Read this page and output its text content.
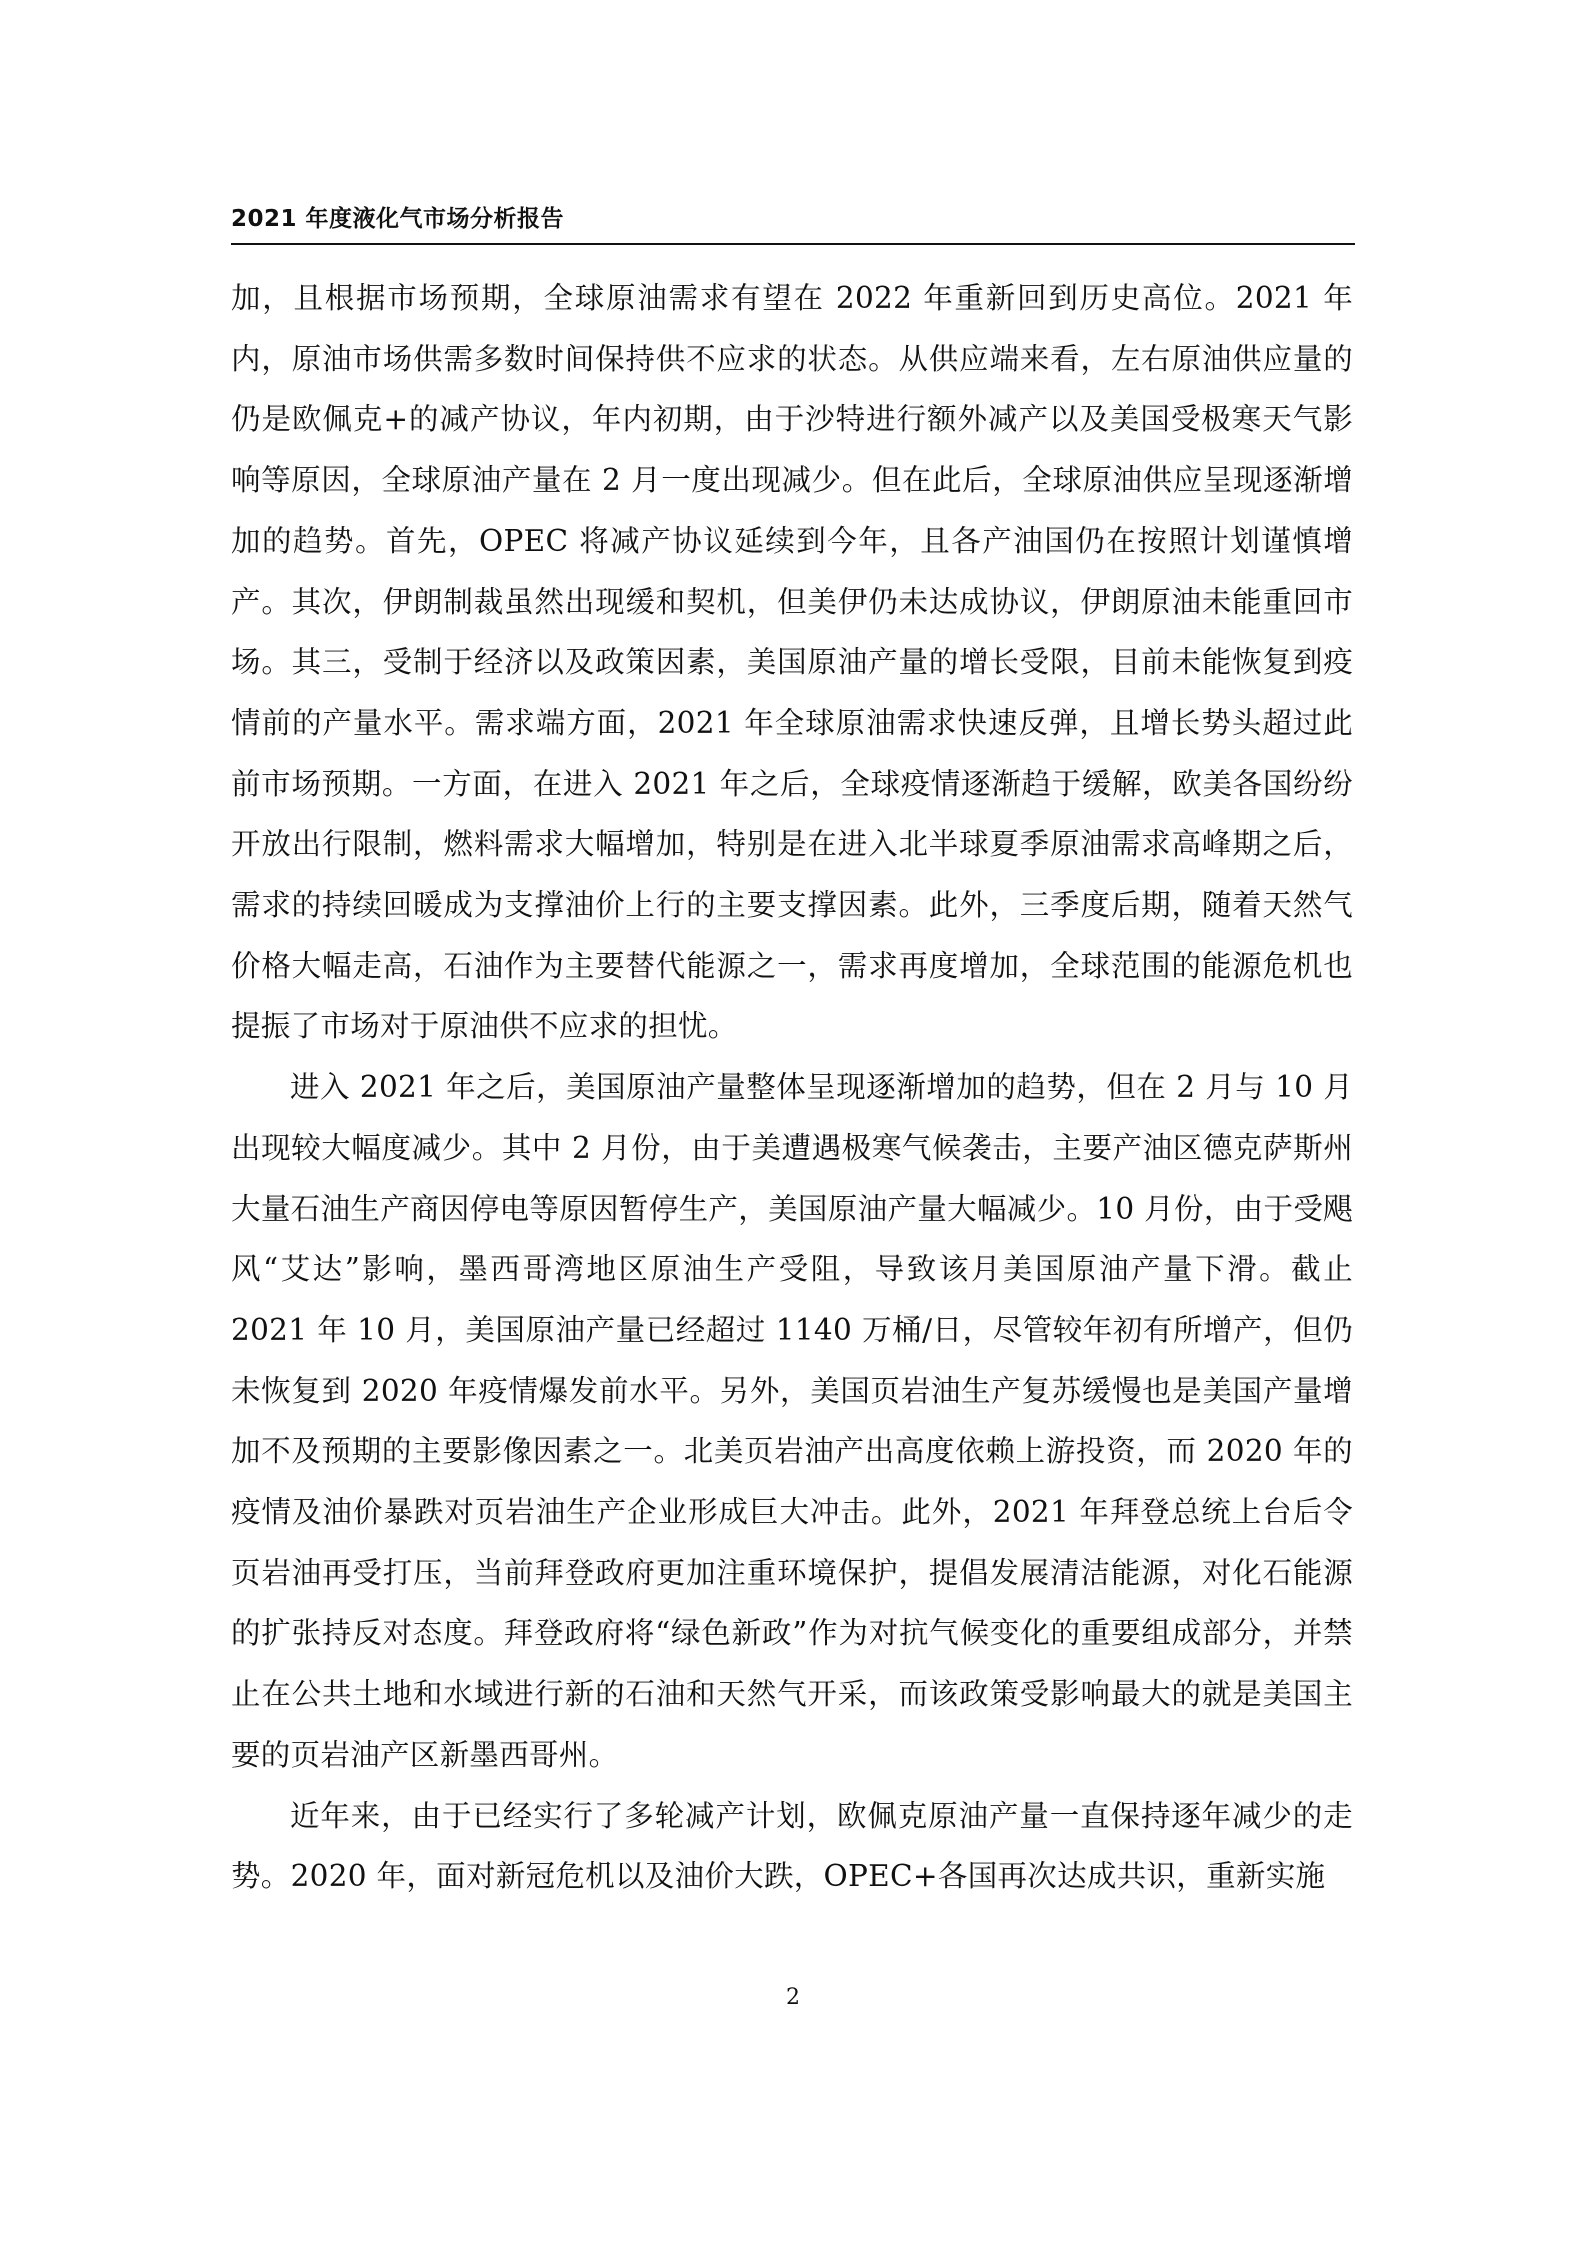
2021 年度液化气市场分析报告

加，且根据市场预期，全球原油需求有望在 2022 年重新回到历史高位。2021 年内，原油市场供需多数时间保持供不应求的状态。从供应端来看，左右原油供应量的仍是欧佩克+的减产协议，年内初期，由于沙特进行额外减产以及美国受极寒天气影响等原因，全球原油产量在 2 月一度出现减少。但在此后，全球原油供应呈现逐渐增加的趋势。首先，OPEC 将减产协议延续到今年，且各产油国仍在按照计划谨慎增产。其次，伊朗制裁虽然出现缓和契机，但美伊仍未达成协议，伊朗原油未能重回市场。其三，受制于经济以及政策因素，美国原油产量的增长受限，目前未能恢复到疫情前的产量水平。需求端方面，2021 年全球原油需求快速反弹，且增长势头超过此前市场预期。一方面，在进入 2021 年之后，全球疫情逐渐趋于缓解，欧美各国纷纷开放出行限制，燃料需求大幅增加，特别是在进入北半球夏季原油需求高峰期之后，需求的持续回暖成为支撑油价上行的主要支撑因素。此外，三季度后期，随着天然气价格大幅走高，石油作为主要替代能源之一，需求再度增加，全球范围的能源危机也提振了市场对于原油供不应求的担忧。

进入 2021 年之后，美国原油产量整体呈现逐渐增加的趋势，但在 2 月与 10 月出现较大幅度减少。其中 2 月份，由于美遭遇极寒气候袭击，主要产油区德克萨斯州大量石油生产商因停电等原因暂停生产，美国原油产量大幅减少。10 月份，由于受飓风“艾达”影响，墨西哥湾地区原油生产受阻，导致该月美国原油产量下滑。截止 2021 年 10 月，美国原油产量已经超过 1140 万桶/日，尽管较年初有所增产，但仍未恢复到 2020 年疫情爆发前水平。另外，美国页岩油生产复苏缓慢也是美国产量增加不及预期的主要影像因素之一。北美页岩油产出高度依赖上游投资，而 2020 年的疫情及油价暴跌对页岩油生产企业形成巨大冲击。此外，2021 年拜登总统上台后令页岩油再受打压，当前拜登政府更加注重环境保护，提倡发展清洁能源，对化石能源的扩张持反对态度。拜登政府将“绿色新政”作为对抗气候变化的重要组成部分，并禁止在公共土地和水域进行新的石油和天然气开采，而该政策受影响最大的就是美国主要的页岩油产区新墨西哥州。

近年来，由于已经实行了多轮减产计划，欧佩克原油产量一直保持逐年减少的走势。2020 年，面对新冠危机以及油价大跌，OPEC+各国再次达成共识，重新实施

2
